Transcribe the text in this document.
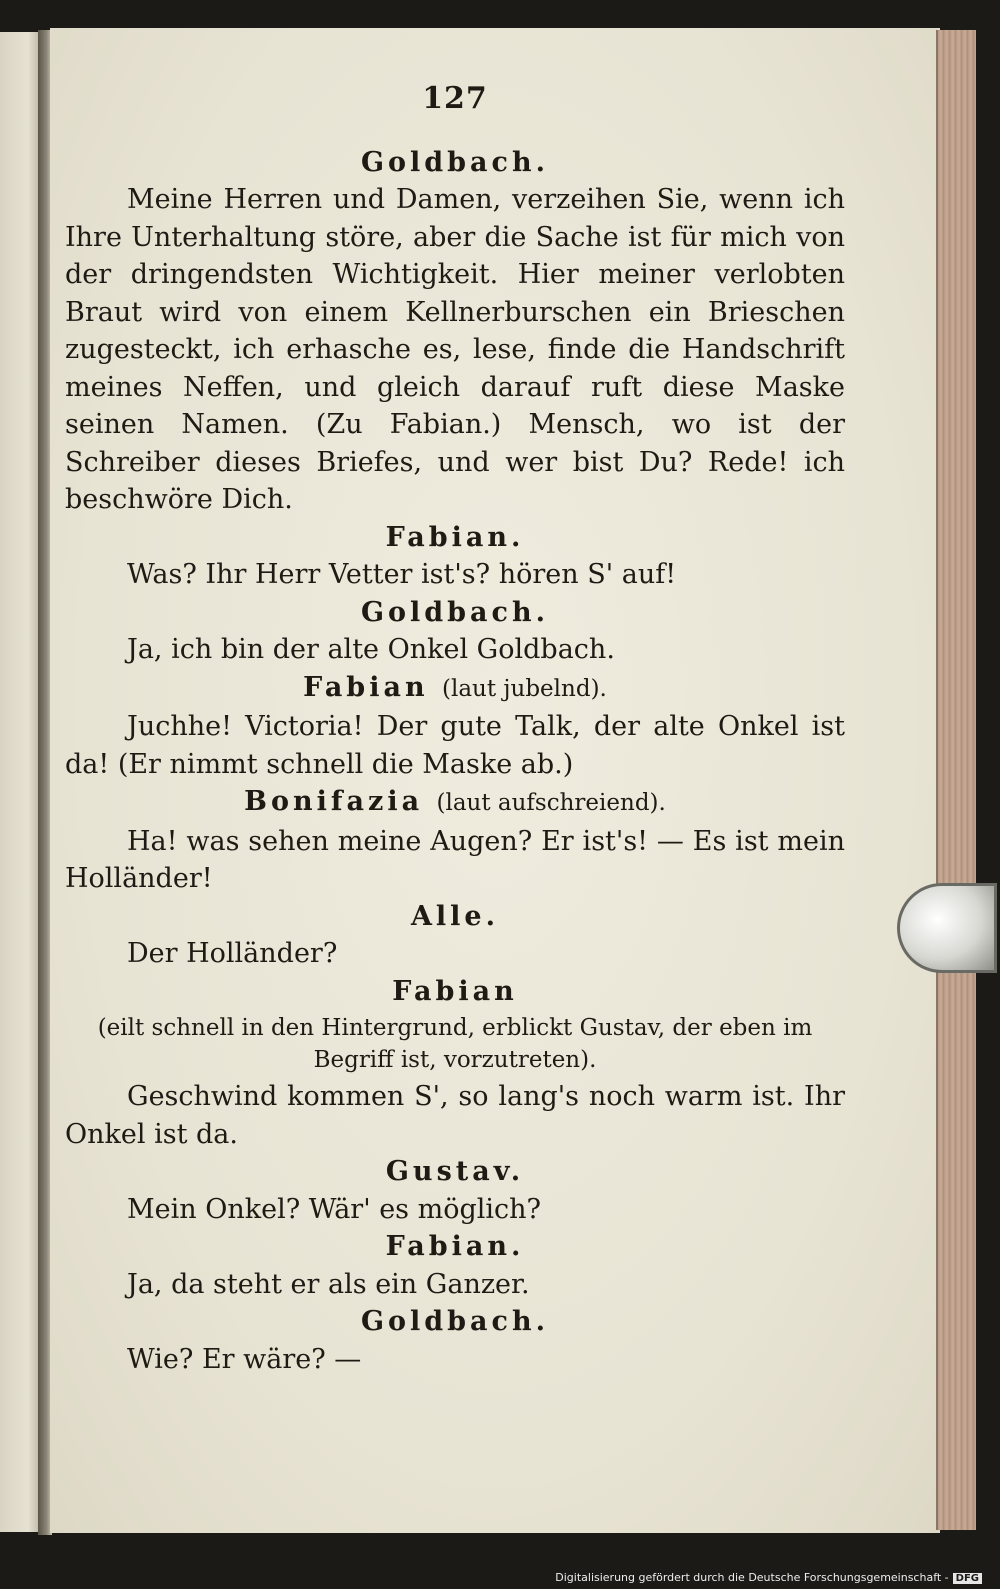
127
Goldbach.
Meine Herren und Damen, verzeihen Sie, wenn ich Ihre Unterhaltung störe, aber die Sache ist für mich von der dringendsten Wichtigkeit. Hier meiner verlobten Braut wird von einem Kellnerburschen ein Brieschen zugesteckt, ich erhasche es, lese, finde die Handschrift meines Neffen, und gleich darauf ruft diese Maske seinen Namen. (Zu Fabian.) Mensch, wo ist der Schreiber dieses Briefes, und wer bist Du? Rede! ich beschwöre Dich.
Fabian.
Was? Ihr Herr Vetter ist's? hören S' auf!
Goldbach.
Ja, ich bin der alte Onkel Goldbach.
Fabian (laut jubelnd).
Juchhe! Victoria! Der gute Talk, der alte Onkel ist da! (Er nimmt schnell die Maske ab.)
Bonifazia (laut aufschreiend).
Ha! was sehen meine Augen? Er ist's! — Es ist mein Holländer!
Alle.
Der Holländer?
Fabian
(eilt schnell in den Hintergrund, erblickt Gustav, der eben im Begriff ist, vorzutreten).
Geschwind kommen S', so lang's noch warm ist. Ihr Onkel ist da.
Gustav.
Mein Onkel? Wär' es möglich?
Fabian.
Ja, da steht er als ein Ganzer.
Goldbach.
Wie? Er wäre? —
Digitalisierung gefördert durch die Deutsche Forschungsgemeinschaft - DFG
